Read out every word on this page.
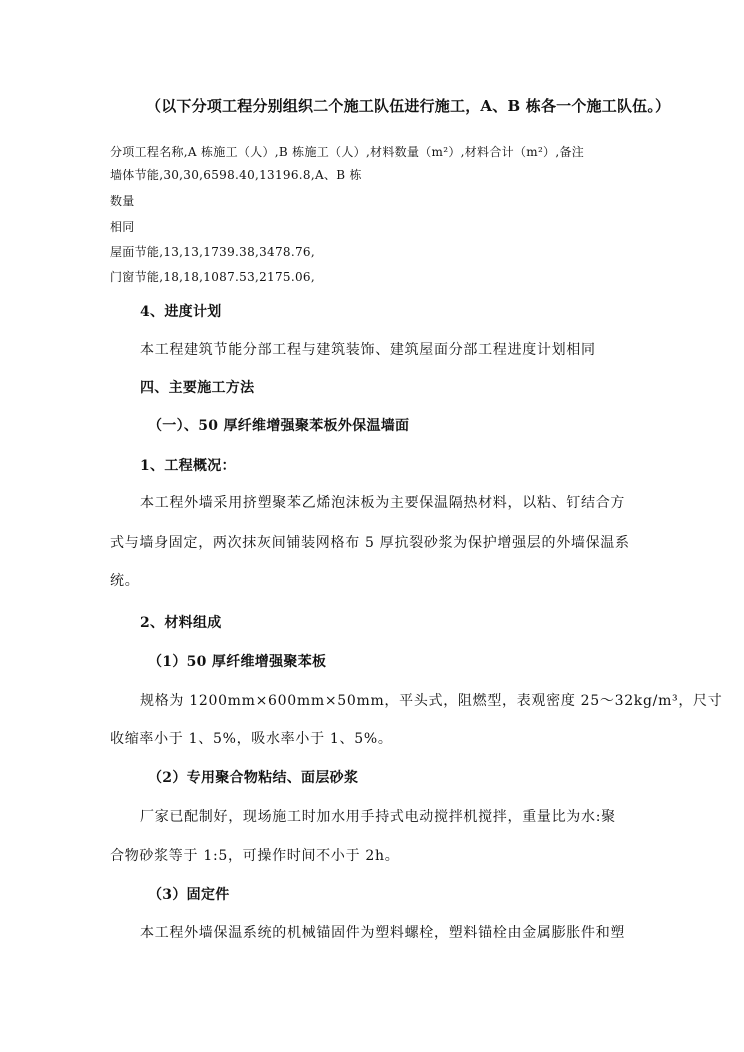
（以下分项工程分别组织二个施工队伍进行施工，A、B 栋各一个施工队伍。）

分项工程名称,A 栋施工（人）,B 栋施工（人）,材料数量（m²）,材料合计（m²）,备注

墙体节能,30,30,6598.40,13196.8,A、B 栋

数量

相同

屋面节能,13,13,1739.38,3478.76,

门窗节能,18,18,1087.53,2175.06,

4、进度计划

本工程建筑节能分部工程与建筑装饰、建筑屋面分部工程进度计划相同

四、主要施工方法

（一）、50 厚纤维增强聚苯板外保温墙面

1、工程概况：

本工程外墙采用挤塑聚苯乙烯泡沫板为主要保温隔热材料，以粘、钉结合方

式与墙身固定，两次抹灰间铺装网格布 5 厚抗裂砂浆为保护增强层的外墙保温系

统。

2、材料组成

（1）50 厚纤维增强聚苯板

规格为 1200mm×600mm×50mm，平头式，阻燃型，表观密度 25～32kg/m³，尺寸

收缩率小于 1、5%，吸水率小于 1、5%。

（2）专用聚合物粘结、面层砂浆

厂家已配制好，现场施工时加水用手持式电动搅拌机搅拌，重量比为水:聚

合物砂浆等于 1:5，可操作时间不小于 2h。

（3）固定件

本工程外墙保温系统的机械锚固件为塑料螺栓，塑料锚栓由金属膨胀件和塑
